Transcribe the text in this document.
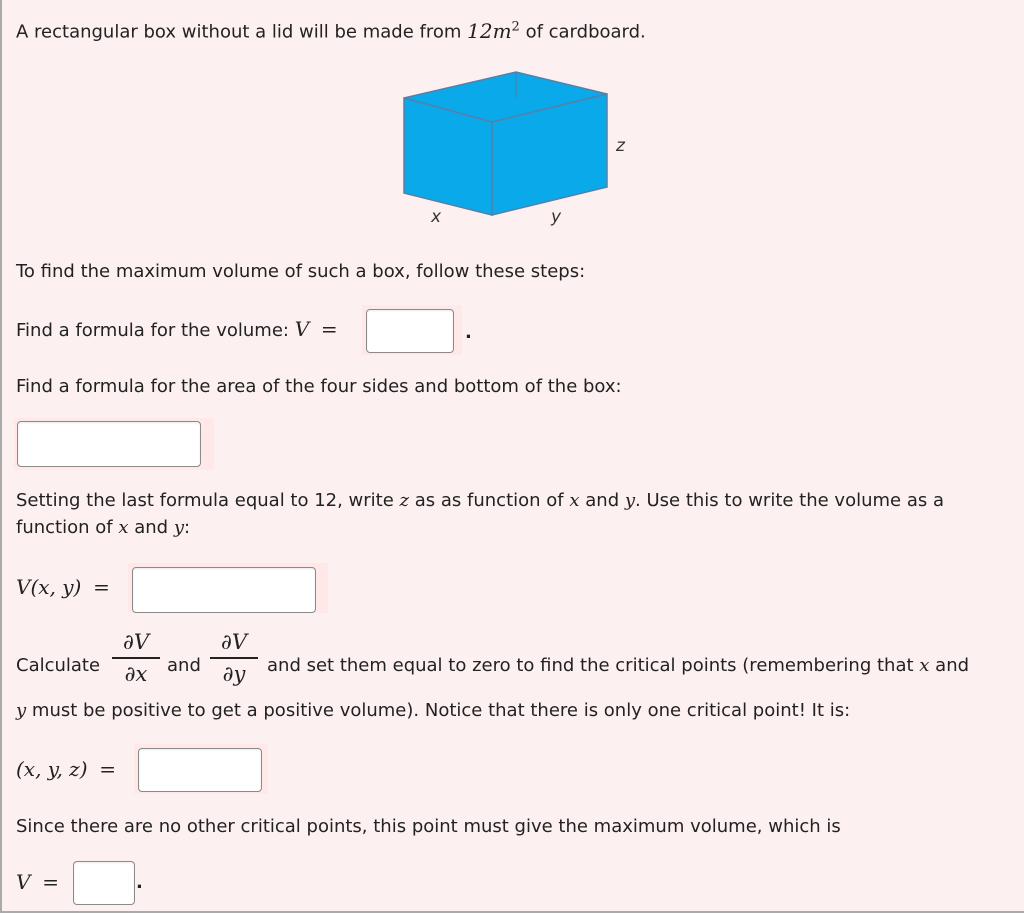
A rectangular box without a lid will be made from $12m^2$ of cardboard.
x	y
z
To find the maximum volume of such a box, follow these steps:
Find a formula for the volume: V =	.
Find a formula for the area of the four sides and bottom of the box:
Setting the last formula equal to 12, write z as as function of x and y. Use this to write the volume as a
function of x and y:
V(x, y) =
Calculate
∂V
∂x	and
∂V
∂y	and set them equal to zero to find the critical points (remembering that x and
y must be positive to get a positive volume). Notice that there is only one critical point! It is:
(x, y, z) =
Since there are no other critical points, this point must give the maximum volume, which is
V =	.
